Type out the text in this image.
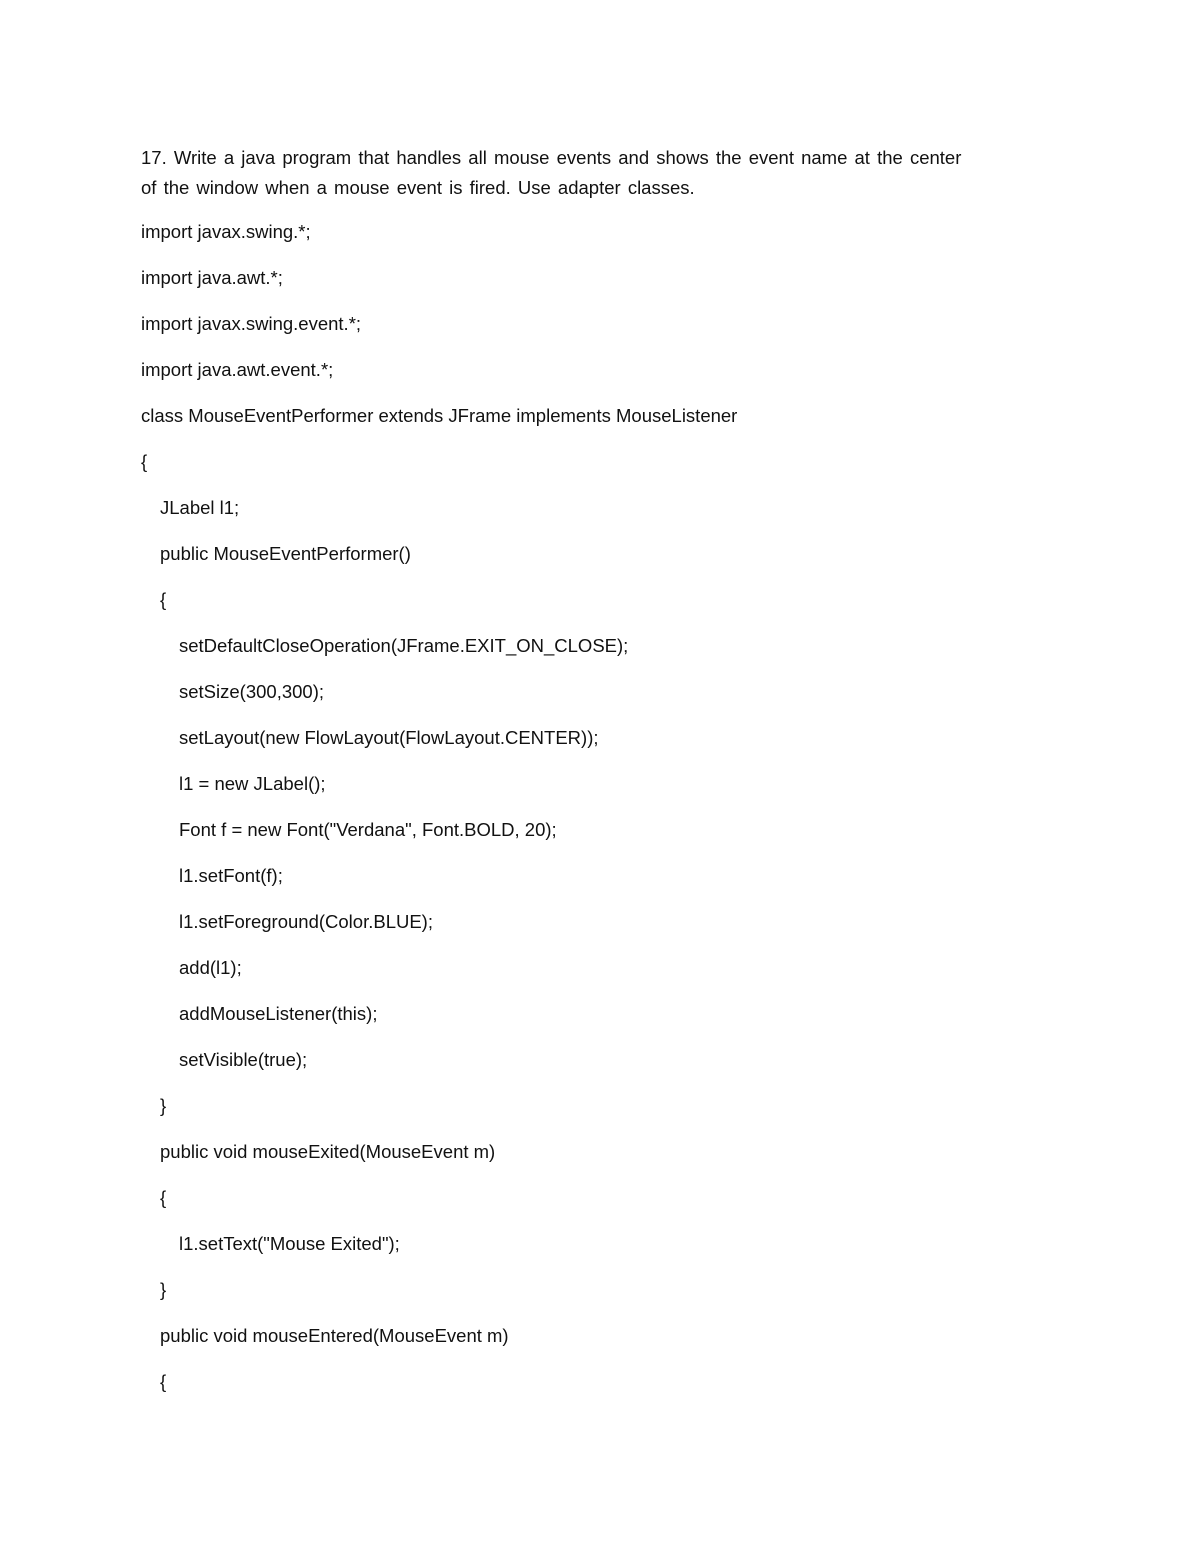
17. Write a java program that handles all mouse events and shows the event name at the center
of the window when a mouse event is fired. Use adapter classes.
import javax.swing.*;
import java.awt.*;
import javax.swing.event.*;
import java.awt.event.*;
class MouseEventPerformer extends JFrame implements MouseListener
{
JLabel l1;
public MouseEventPerformer()
{
setDefaultCloseOperation(JFrame.EXIT_ON_CLOSE);
setSize(300,300);
setLayout(new FlowLayout(FlowLayout.CENTER));
l1 = new JLabel();
Font f = new Font("Verdana", Font.BOLD, 20);
l1.setFont(f);
l1.setForeground(Color.BLUE);
add(l1);
addMouseListener(this);
setVisible(true);
}
public void mouseExited(MouseEvent m)
{
l1.setText("Mouse Exited");
}
public void mouseEntered(MouseEvent m)
{
